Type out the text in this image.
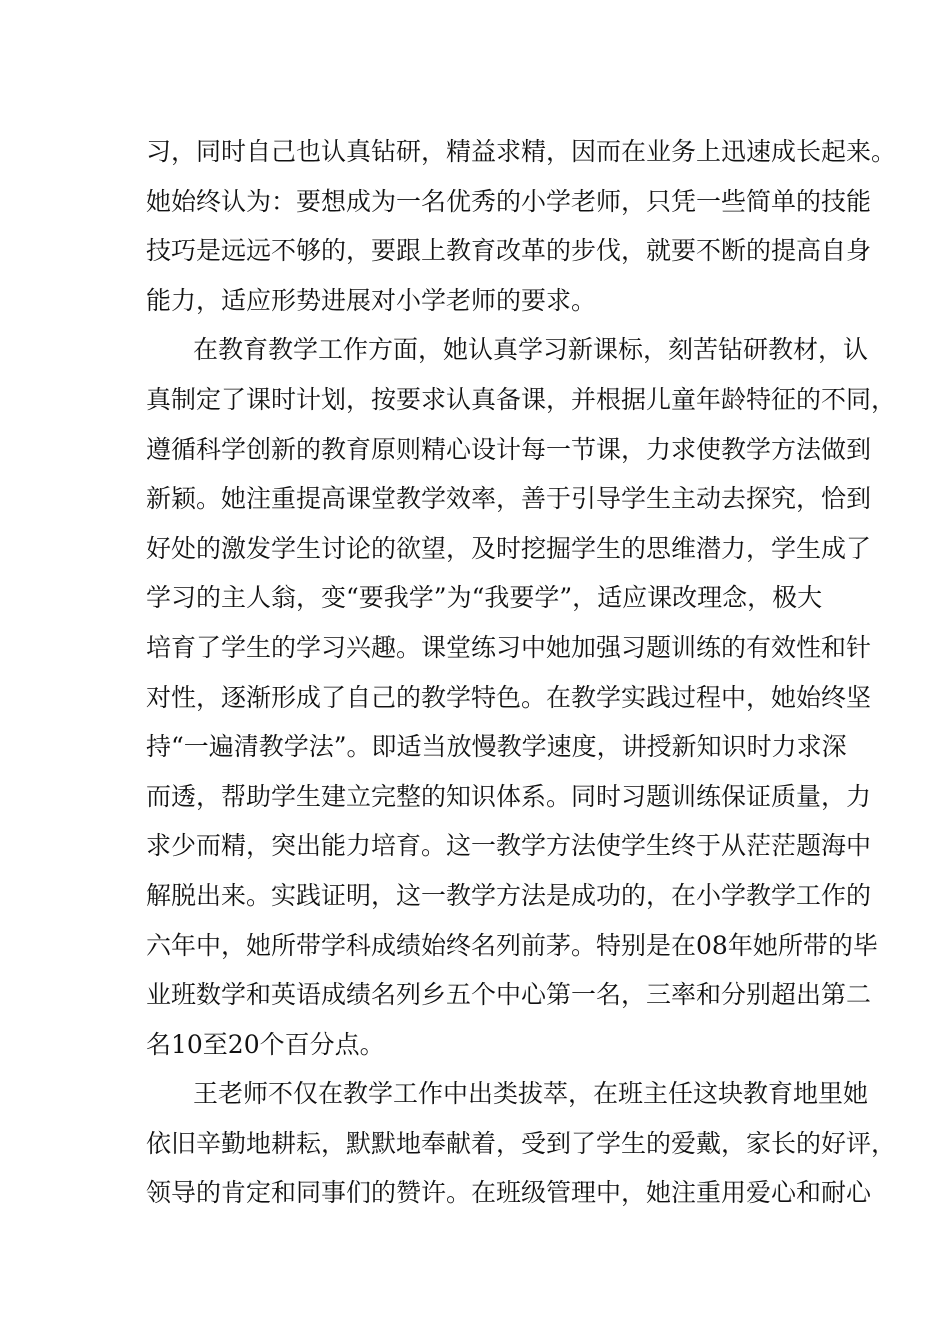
习，同时自己也认真钻研，精益求精，因而在业务上迅速成长起来。
她始终认为：要想成为一名优秀的小学老师，只凭一些简单的技能
技巧是远远不够的，要跟上教育改革的步伐，就要不断的提高自身
能力，适应形势进展对小学老师的要求。
在教育教学工作方面，她认真学习新课标，刻苦钻研教材，认
真制定了课时计划，按要求认真备课，并根据儿童年龄特征的不同，
遵循科学创新的教育原则精心设计每一节课，力求使教学方法做到
新颖。她注重提高课堂教学效率，善于引导学生主动去探究，恰到
好处的激发学生讨论的欲望，及时挖掘学生的思维潜力，学生成了
学习的主人翁，变“要我学”为“我要学”，适应课改理念，极大
培育了学生的学习兴趣。课堂练习中她加强习题训练的有效性和针
对性，逐渐形成了自己的教学特色。在教学实践过程中，她始终坚
持“一遍清教学法”。即适当放慢教学速度，讲授新知识时力求深
而透，帮助学生建立完整的知识体系。同时习题训练保证质量，力
求少而精，突出能力培育。这一教学方法使学生终于从茫茫题海中
解脱出来。实践证明，这一教学方法是成功的，在小学教学工作的
六年中，她所带学科成绩始终名列前茅。特别是在08年她所带的毕
业班数学和英语成绩名列乡五个中心第一名，三率和分别超出第二
名10至20个百分点。
王老师不仅在教学工作中出类拔萃，在班主任这块教育地里她
依旧辛勤地耕耘，默默地奉献着，受到了学生的爱戴，家长的好评，
领导的肯定和同事们的赞许。在班级管理中，她注重用爱心和耐心
